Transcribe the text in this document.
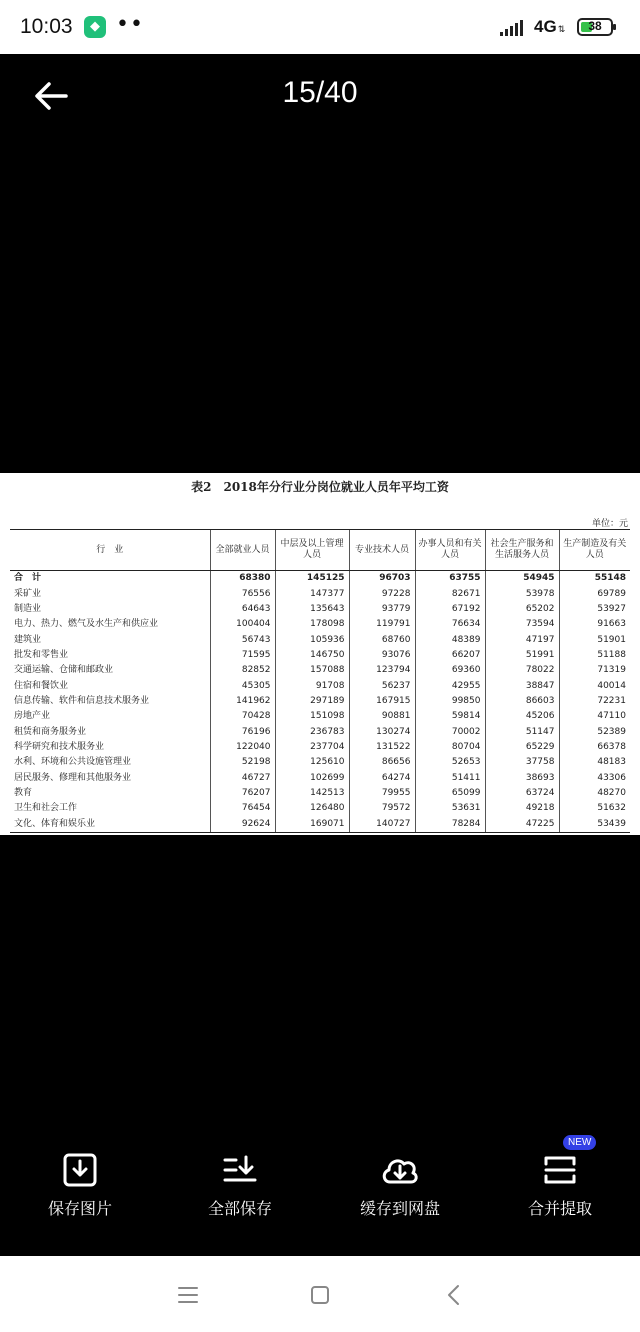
10:03	◆ ••	4G⇅	38
15/40
表2　2018年分行业分岗位就业人员年平均工资
单位：元
行　业	全部就业人员	中层及以上管理人员	专业技术人员	办事人员和有关人员	社会生产服务和生活服务人员	生产制造及有关人员
合　计	68380	145125	96703	63755	54945	55148
采矿业	76556	147377	97228	82671	53978	69789
制造业	64643	135643	93779	67192	65202	53927
电力、热力、燃气及水生产和供应业	100404	178098	119791	76634	73594	91663
建筑业	56743	105936	68760	48389	47197	51901
批发和零售业	71595	146750	93076	66207	51991	51188
交通运输、仓储和邮政业	82852	157088	123794	69360	78022	71319
住宿和餐饮业	45305	91708	56237	42955	38847	40014
信息传输、软件和信息技术服务业	141962	297189	167915	99850	86603	72231
房地产业	70428	151098	90881	59814	45206	47110
租赁和商务服务业	76196	236783	130274	70002	51147	52389
科学研究和技术服务业	122040	237704	131522	80704	65229	66378
水利、环境和公共设施管理业	52198	125610	86656	52653	37758	48183
居民服务、修理和其他服务业	46727	102699	64274	51411	38693	43306
教育	76207	142513	79955	65099	63724	48270
卫生和社会工作	76454	126480	79572	53631	49218	51632
文化、体育和娱乐业	92624	169071	140727	78284	47225	53439
保存图片	全部保存	缓存到网盘	合并提取
NEW
